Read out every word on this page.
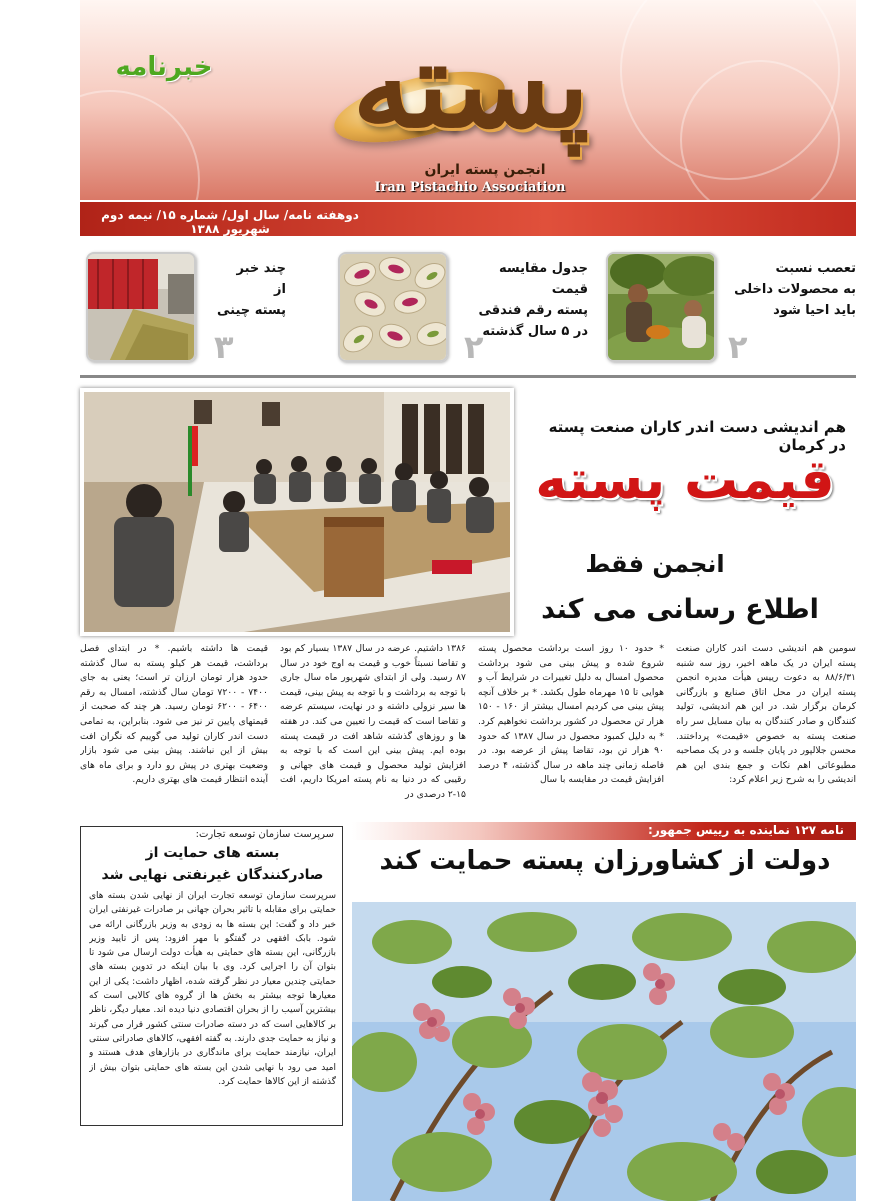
خبرنامه	پسته
انجمن پسته ایران
Iran Pistachio Association
دوهفته نامه/ سال اول/ شماره ۱۵/ نیمه دوم شهریور ۱۳۸۸
تعصب نسبت
به محصولات داخلی
باید احیا شود
۲
جدول مقایسه قیمت
پسته رقم فندقی
در ۵ سال گذشته
۲
چند خبر
از
پسته چینی
۳
هم اندیشی دست اندر کاران صنعت پسته در کرمان
قیمت پسته
انجمن فقط
اطلاع رسانی می کند
سومین هم اندیشی دست اندر کاران صنعت پسته ایران در یک ماهه اخیر، روز سه شنبه ۸۸/۶/۳۱ به دعوت رییس هیأت مدیره انجمن پسته ایران در محل اتاق صنایع و بازرگانی کرمان برگزار شد. در این هم اندیشی، تولید کنندگان و صادر کنندگان به بیان مسایل سر راه صنعت پسته به خصوص «قیمت» پرداختند. محسن جلالپور در پایان جلسه و در یک مصاحبه مطبوعاتی اهم نکات و جمع بندی این هم اندیشی را به شرح زیر اعلام کرد:
* حدود ۱۰ روز است برداشت محصول پسته شروع شده و پیش بینی می شود برداشت محصول امسال به دلیل تغییرات در شرایط آب و هوایی تا ۱۵ مهرماه طول بکشد. * بر خلاف آنچه پیش بینی می کردیم امسال بیشتر از ۱۶۰ - ۱۵۰ هزار تن محصول در کشور برداشت نخواهیم کرد. * به دلیل کمبود محصول در سال ۱۳۸۷ که حدود ۹۰ هزار تن بود، تقاضا پیش از عرضه بود. در فاصله زمانی چند ماهه در سال گذشته، ۴ درصد افزایش قیمت در مقایسه با سال
۱۳۸۶ داشتیم. عرضه در سال ۱۳۸۷ بسیار کم بود و تقاضا نسبتاً خوب و قیمت به اوج خود در سال ۸۷ رسید. ولی از ابتدای شهریور ماه سال جاری با توجه به برداشت و با توجه به پیش بینی، قیمت ها سیر نزولی داشته و در نهایت، سیستم عرضه و تقاضا است که قیمت را تعیین می کند. در هفته ها و روزهای گذشته شاهد افت در قیمت پسته بوده ایم. پیش بینی این است که با توجه به افزایش تولید محصول و قیمت های جهانی و رقیبی که در دنیا به نام پسته امریکا داریم، افت ۱۵-۲ درصدی در
قیمت ها داشته باشیم. * در ابتدای فصل برداشت، قیمت هر کیلو پسته به سال گذشته حدود هزار تومان ارزان تر است؛ یعنی به جای ۷۴۰۰ - ۷۲۰۰ تومان سال گذشته، امسال به رقم ۶۴۰۰ - ۶۲۰۰ تومان رسید. هر چند که صحبت از قیمتهای پایین تر نیز می شود. بنابراین، به تمامی دست اندر کاران تولید می گوییم که نگران افت بیش از این نباشند. پیش بینی می شود بازار وضعیت بهتری در پیش رو دارد و برای ماه های آینده انتظار قیمت های بهتری داریم.
سرپرست سازمان توسعه تجارت:
بسته های حمایت از
صادرکنندگان غیرنفتی نهایی شد
سرپرست سازمان توسعه تجارت ایران از نهایی شدن بسته های حمایتی برای مقابله با تاثیر بحران جهانی بر صادرات غیرنفتی ایران خبر داد و گفت: این بسته ها به زودی به وزیر بازرگانی ارائه می شود. بابک افقهی در گفتگو با مهر افزود: پس از تایید وزیر بازرگانی، این بسته های حمایتی به هیأت دولت ارسال می شود تا بتوان آن را اجرایی کرد. وی با بیان اینکه در تدوین بسته های حمایتی چندین معیار در نظر گرفته شده، اظهار داشت: یکی از این معیارها توجه بیشتر به بخش ها از گروه های کالایی است که بیشترین آسیب را از بحران اقتصادی دنیا دیده اند. معیار دیگر، ناظر بر کالاهایی است که در دسته صادرات سنتی کشور قرار می گیرند و نیاز به حمایت جدی دارند. به گفته افقهی، کالاهای صادراتی سنتی ایران، نیازمند حمایت برای ماندگاری در بازارهای هدف هستند و امید می رود با نهایی شدن این بسته های حمایتی بتوان بیش از گذشته از این کالاها حمایت کرد.
نامه ۱۲۷ نماینده به رییس جمهور:
دولت از کشاورزان پسته حمایت کند
